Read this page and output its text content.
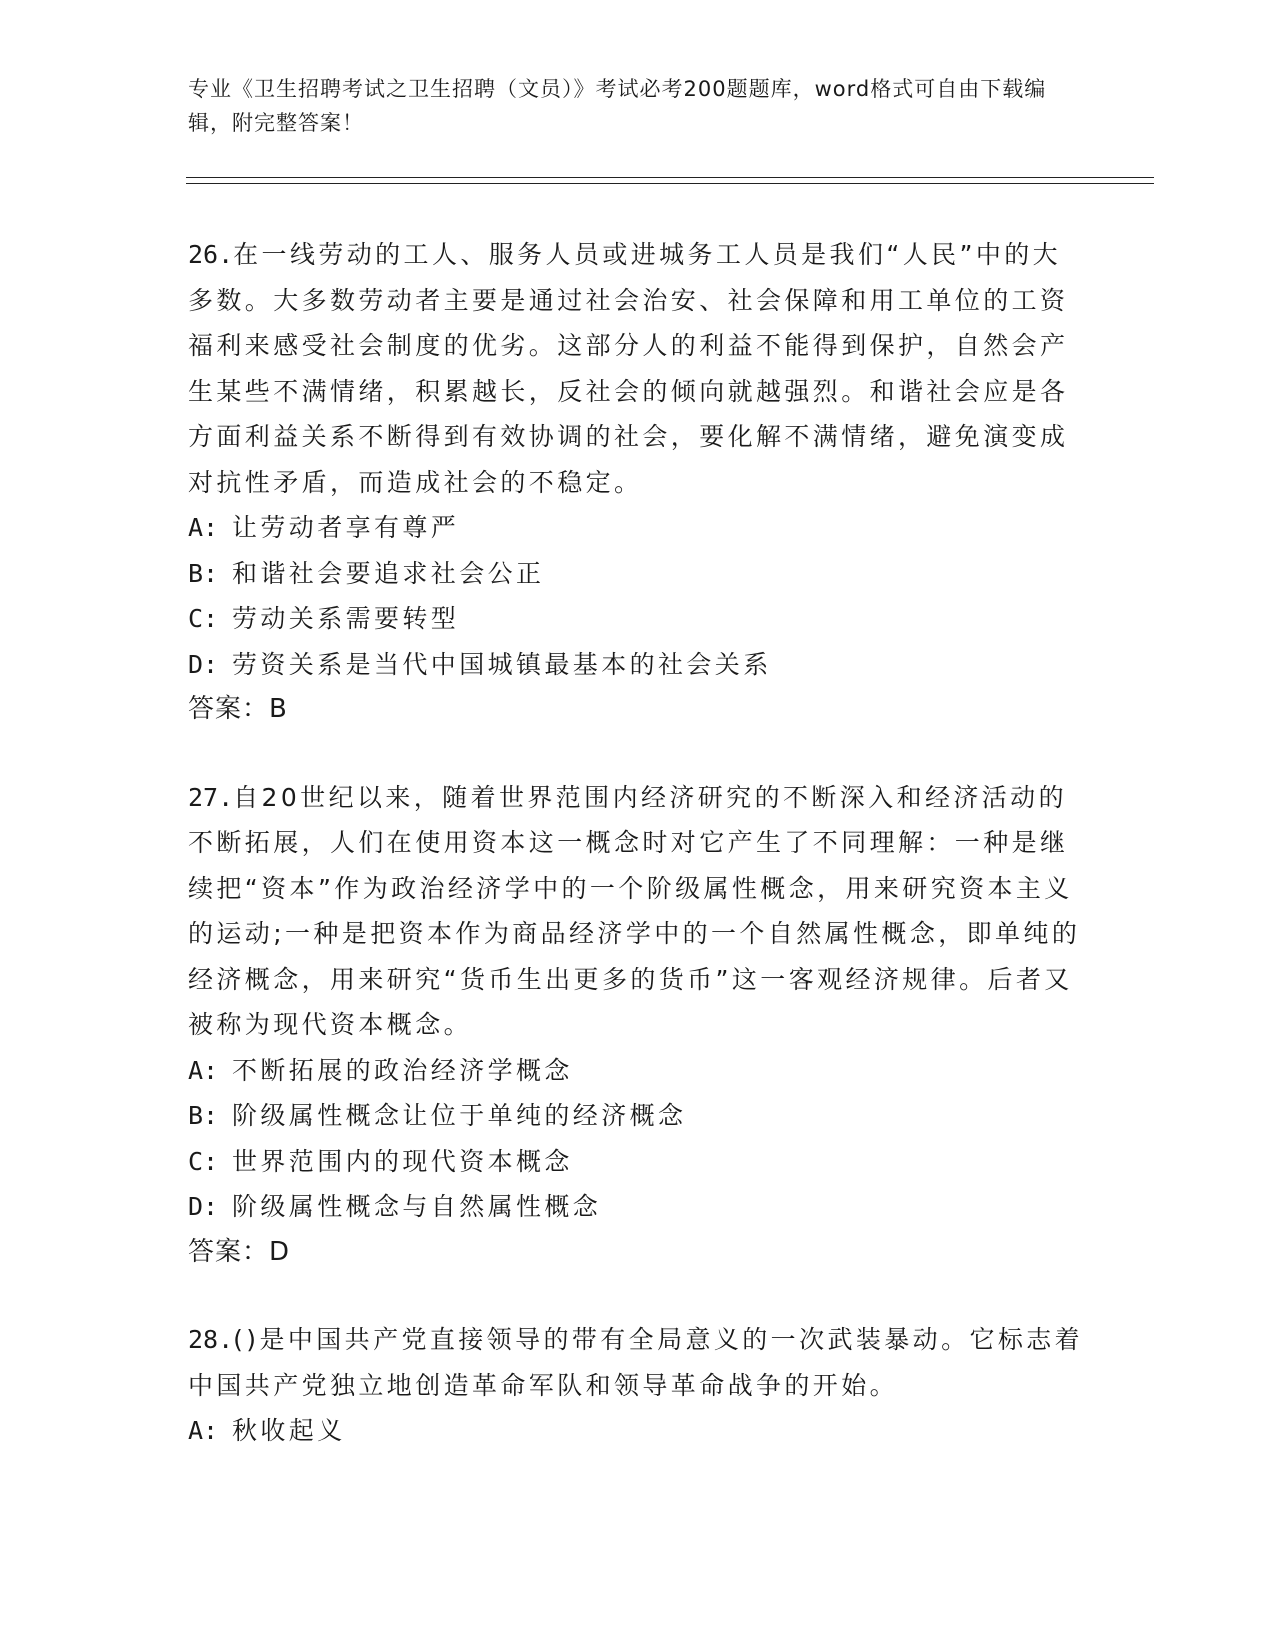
专业《卫生招聘考试之卫生招聘（文员）》考试必考200题题库，word格式可自由下载编辑，附完整答案！

26.在一线劳动的工人、服务人员或进城务工人员是我们“人民”中的大多数。大多数劳动者主要是通过社会治安、社会保障和用工单位的工资福利来感受社会制度的优劣。这部分人的利益不能得到保护，自然会产生某些不满情绪，积累越长，反社会的倾向就越强烈。和谐社会应是各方面利益关系不断得到有效协调的社会，要化解不满情绪，避免演变成对抗性矛盾，而造成社会的不稳定。

A: 让劳动者享有尊严

B: 和谐社会要追求社会公正

C: 劳动关系需要转型

D: 劳资关系是当代中国城镇最基本的社会关系

答案：B

27.自20世纪以来，随着世界范围内经济研究的不断深入和经济活动的不断拓展，人们在使用资本这一概念时对它产生了不同理解：一种是继续把“资本”作为政治经济学中的一个阶级属性概念，用来研究资本主义的运动;一种是把资本作为商品经济学中的一个自然属性概念，即单纯的经济概念，用来研究“货币生出更多的货币”这一客观经济规律。后者又被称为现代资本概念。

A: 不断拓展的政治经济学概念

B: 阶级属性概念让位于单纯的经济概念

C: 世界范围内的现代资本概念

D: 阶级属性概念与自然属性概念

答案：D

28.()是中国共产党直接领导的带有全局意义的一次武装暴动。它标志着中国共产党独立地创造革命军队和领导革命战争的开始。

A: 秋收起义
